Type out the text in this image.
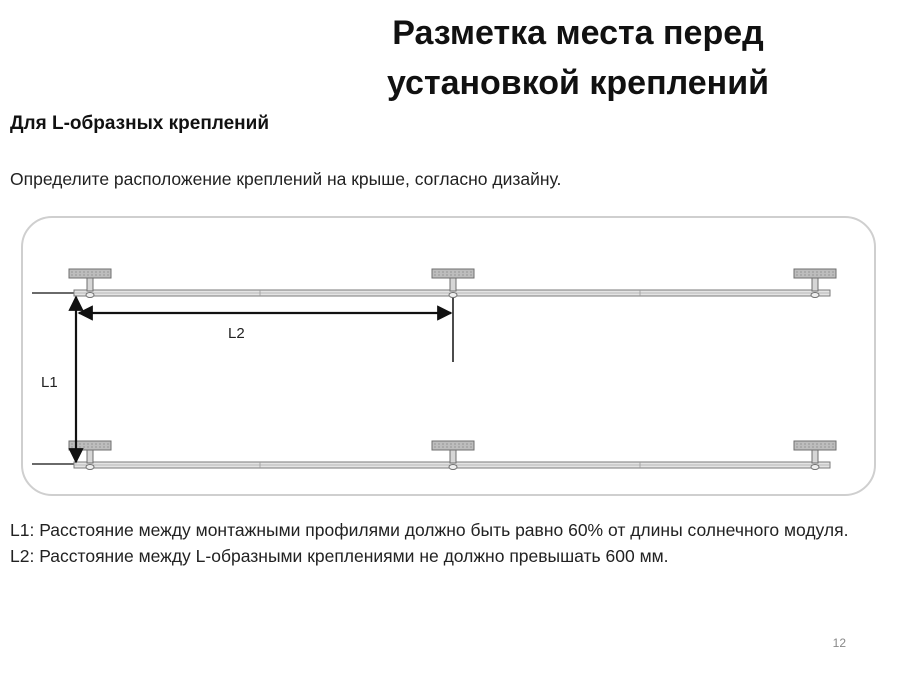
Разметка места перед
установкой креплений
Для L-образных креплений
Определите расположение креплений на крыше, согласно дизайну.
L2
L1
L1: Расстояние между монтажными профилями должно быть равно 60% от длины солнечного модуля.
L2: Расстояние между L-образными креплениями не должно превышать 600 мм.
12
